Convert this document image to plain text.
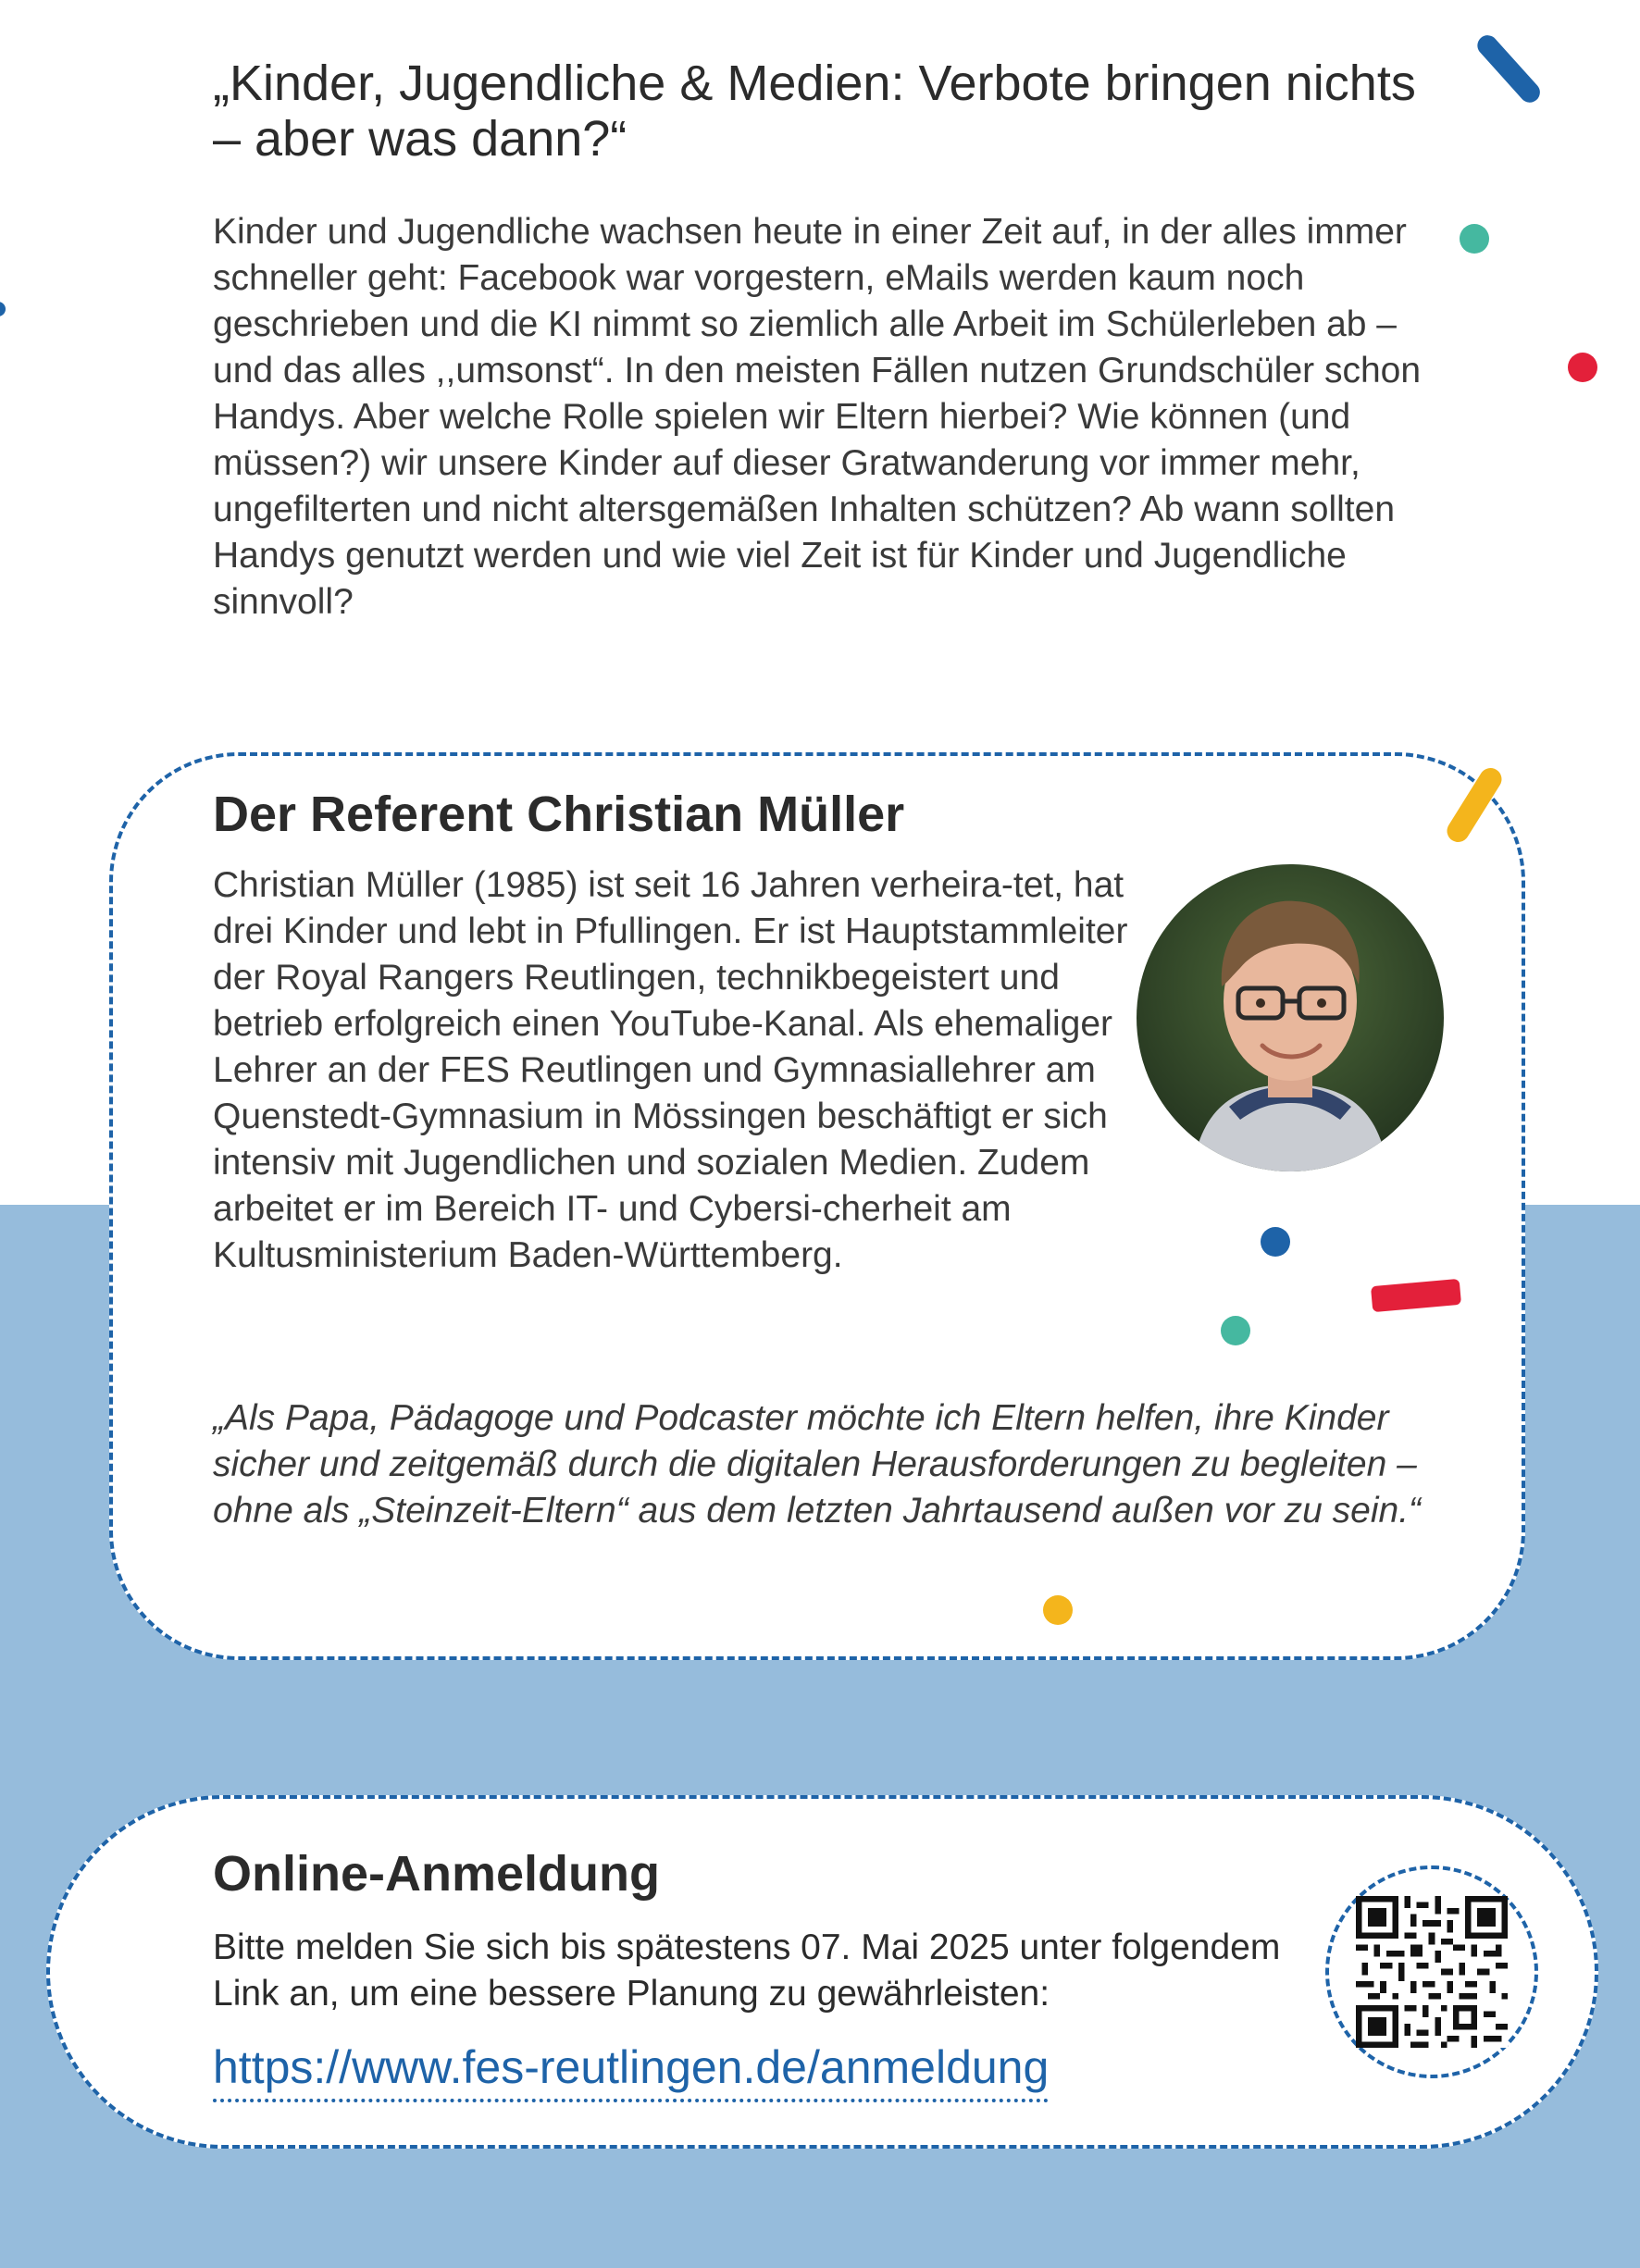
„Kinder, Jugendliche & Medien: Verbote bringen nichts – aber was dann?“

Kinder und Jugendliche wachsen heute in einer Zeit auf, in der alles immer schneller geht: Facebook war vorgestern, eMails werden kaum noch geschrieben und die KI nimmt so ziemlich alle Arbeit im Schülerleben ab – und das alles ,,umsonst“. In den meisten Fällen nutzen Grundschüler schon Handys. Aber welche Rolle spielen wir Eltern hierbei? Wie können (und müssen?) wir unsere Kinder auf dieser Gratwanderung vor immer mehr, ungefilterten und nicht altersgemäßen Inhalten schützen? Ab wann sollten Handys genutzt werden und wie viel Zeit ist für Kinder und Jugendliche sinnvoll?

Der Referent Christian Müller

Christian Müller (1985) ist seit 16 Jahren verheira-tet, hat drei Kinder und lebt in Pfullingen. Er ist Hauptstammleiter der Royal Rangers Reutlingen, technikbegeistert und betrieb erfolgreich einen YouTube-Kanal. Als ehemaliger Lehrer an der FES Reutlingen und Gymnasiallehrer am Quenstedt-Gymnasium in Mössingen beschäftigt er sich intensiv mit Jugendlichen und sozialen Medien. Zudem arbeitet er im Bereich IT- und Cybersi-cherheit am Kultusministerium Baden-Württemberg.

„Als Papa, Pädagoge und Podcaster möchte ich Eltern helfen, ihre Kinder sicher und zeitgemäß durch die digitalen Herausforderungen zu begleiten – ohne als „Steinzeit-Eltern“ aus dem letzten Jahrtausend außen vor zu sein.“

Online-Anmeldung

Bitte melden Sie sich bis spätestens 07. Mai 2025 unter folgendem Link an, um eine bessere Planung zu gewährleisten:

https://www.fes-reutlingen.de/anmeldung
